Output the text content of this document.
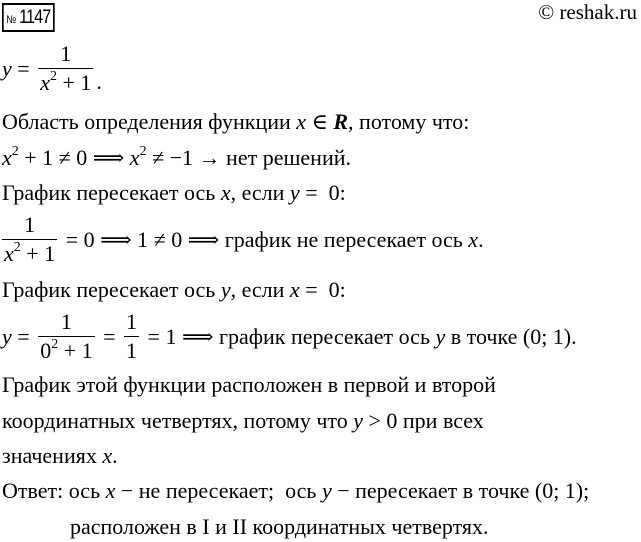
№ 1147	© reshak.ru
$y = \frac{1}{x^2 + 1}$ .
Область определения функции x ∈ R, потому что:
$x^2 + 1 \ne 0$ ⟹ $x^2 \ne -1$ → нет решений.
График пересекает ось x, если y =  0:
$\frac{1}{x^2 + 1} = 0$ ⟹ 1 ≠ 0 ⟹ график не пересекает ось x .
График пересекает ось y, если x =  0:
$y = \frac{1}{0^2 + 1} = \frac{1}{1} = 1$ ⟹ график пересекает ось y в точке (0; 1).
График этой функции расположен в первой и второй
координатных четвертях, потому что y > 0 при всех
значениях x.
Ответ: ось x − не пересекает;  ось y − пересекает в точке (0; 1);
расположен в I и II координатных четвертях.
